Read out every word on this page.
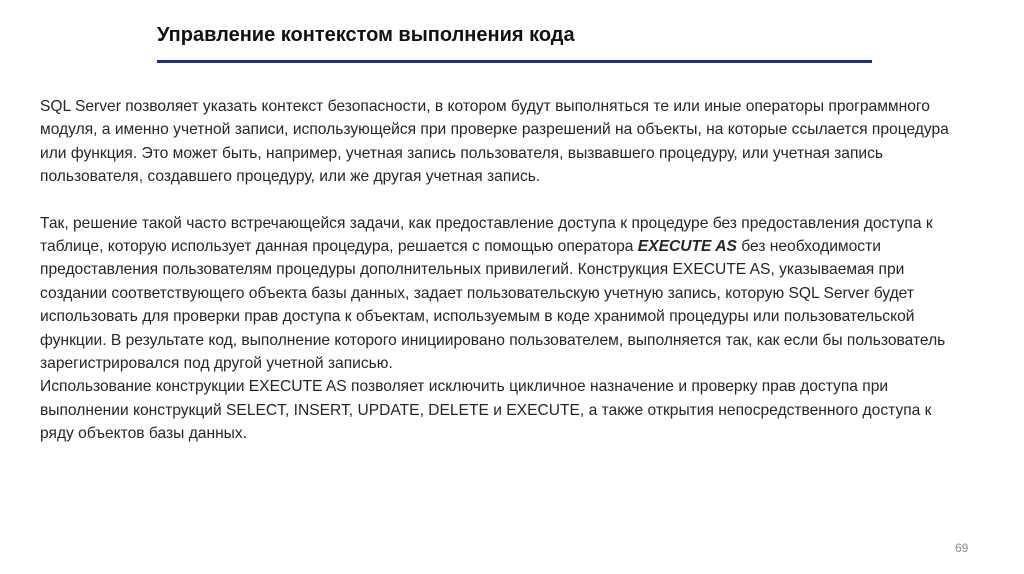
Управление контекстом выполнения кода

SQL Server позволяет указать контекст безопасности, в котором будут выполняться те или иные операторы программного модуля, а именно учетной записи, использующейся при проверке разрешений на объекты, на которые ссылается процедура или функция. Это может быть, например, учетная запись пользователя, вызвавшего процедуру, или учетная запись пользователя, создавшего процедуру, или же другая учетная запись.

Так, решение такой часто встречающейся задачи, как предоставление доступа к процедуре без предоставления доступа к таблице, которую использует данная процедура, решается с помощью оператора EXECUTE AS без необходимости предоставления пользователям процедуры дополнительных привилегий. Конструкция EXECUTE AS, указываемая при создании соответствующего объекта базы данных, задает пользовательскую учетную запись, которую SQL Server будет использовать для проверки прав доступа к объектам, используемым в коде хранимой процедуры или пользовательской функции. В результате код, выполнение которого инициировано пользователем, выполняется так, как если бы пользователь зарегистрировался под другой учетной записью.

Использование конструкции EXECUTE AS позволяет исключить цикличное назначение и проверку прав доступа при выполнении конструкций SELECT, INSERT, UPDATE, DELETE и EXECUTE, а также открытия непосредственного доступа к ряду объектов базы данных.

69
